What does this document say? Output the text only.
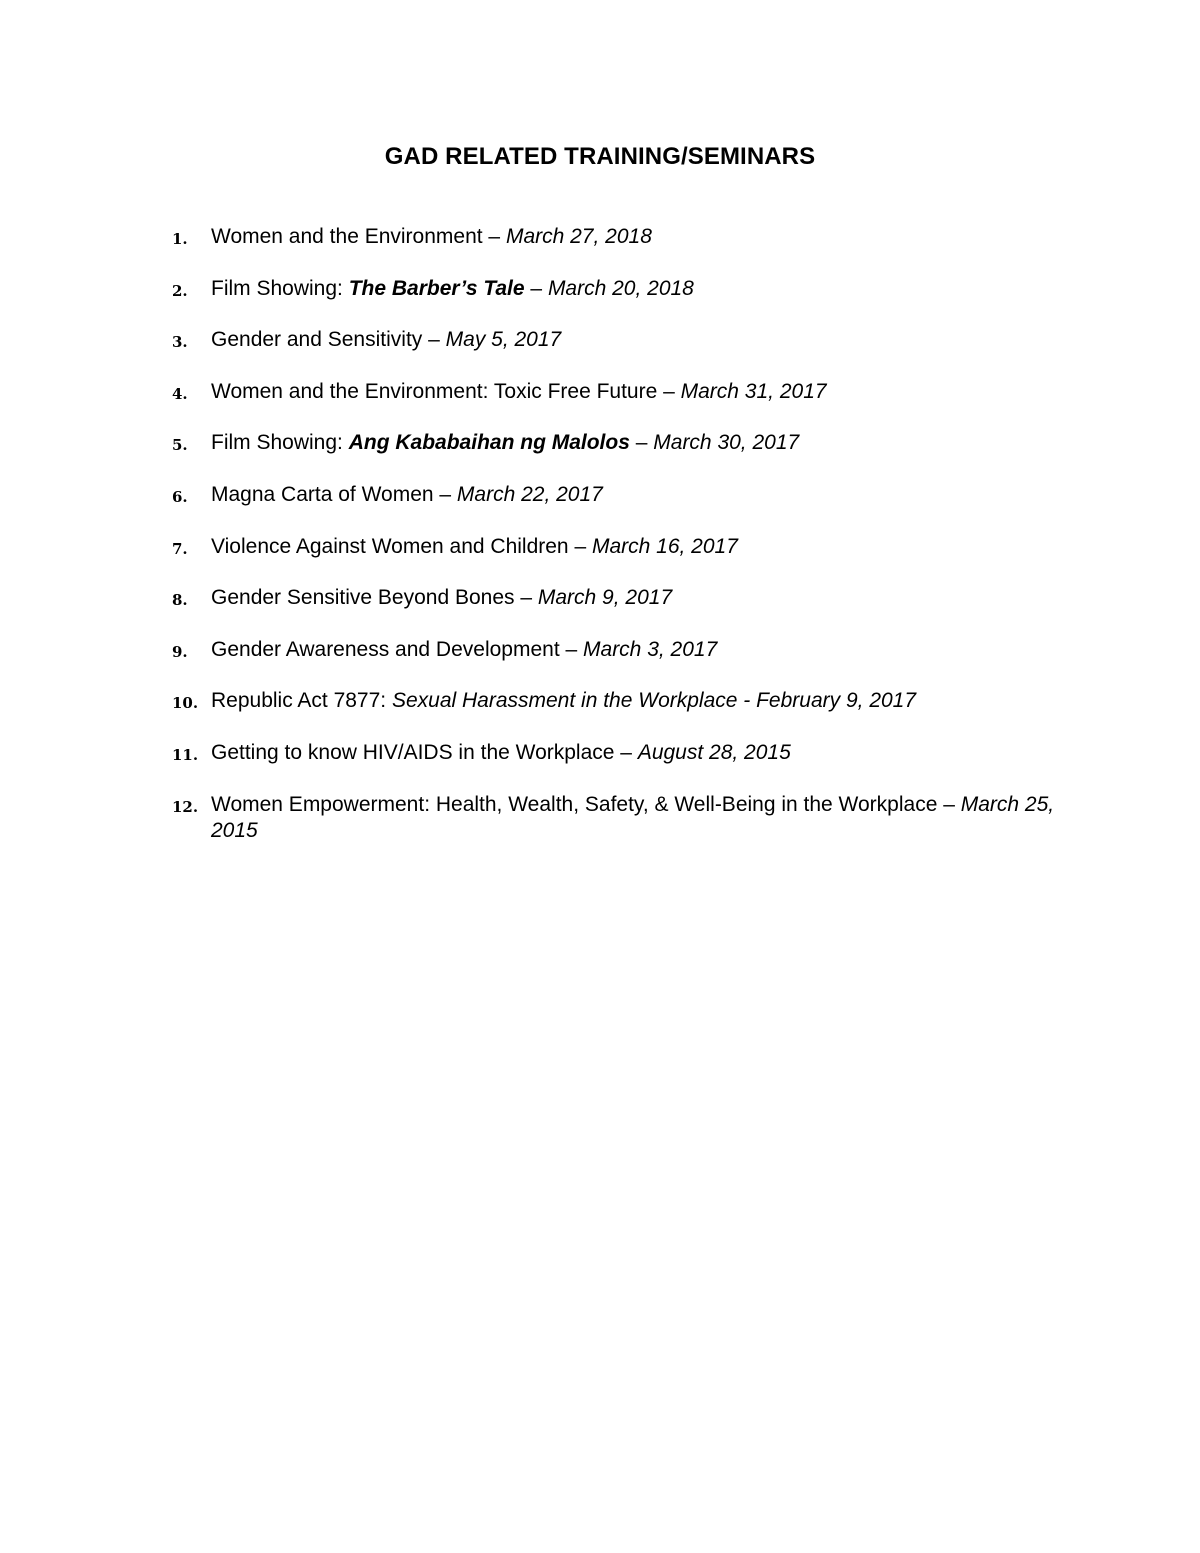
GAD RELATED TRAINING/SEMINARS
1.	Women and the Environment – March 27, 2018
2.	Film Showing: The Barber’s Tale – March 20, 2018
3.	Gender and Sensitivity – May 5, 2017
4.	Women and the Environment: Toxic Free Future – March 31, 2017
5.	Film Showing: Ang Kababaihan ng Malolos – March 30, 2017
6.	Magna Carta of Women – March 22, 2017
7.	Violence Against Women and Children – March 16, 2017
8.	Gender Sensitive Beyond Bones – March 9, 2017
9.	Gender Awareness and Development – March 3, 2017
10. Republic Act 7877: Sexual Harassment in the Workplace - February 9, 2017
11. Getting to know HIV/AIDS in the Workplace – August 28, 2015
12. Women Empowerment: Health, Wealth, Safety, & Well-Being in the Workplace – March 25, 2015
